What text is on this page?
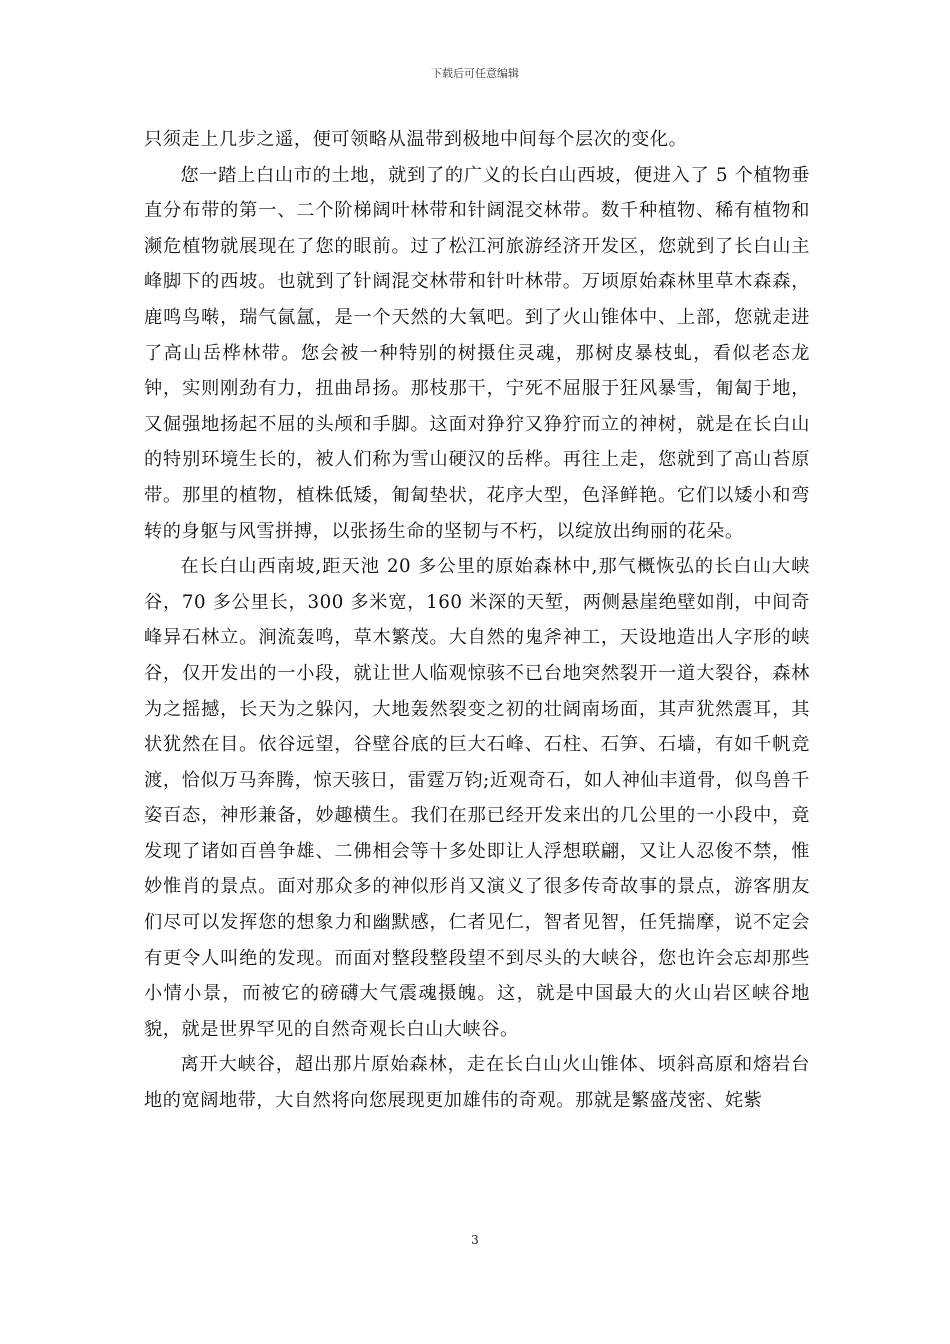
下载后可任意编辑

只须走上几步之遥，便可领略从温带到极地中间每个层次的变化。

您一踏上白山市的土地，就到了的广义的长白山西坡，便进入了 5 个植物垂直分布带的第一、二个阶梯阔叶林带和针阔混交林带。数千种植物、稀有植物和濒危植物就展现在了您的眼前。过了松江河旅游经济开发区，您就到了长白山主峰脚下的西坡。也就到了针阔混交林带和针叶林带。万顷原始森林里草木森森，鹿鸣鸟啭，瑞气氤氲，是一个天然的大氧吧。到了火山锥体中、上部，您就走进了高山岳桦林带。您会被一种特别的树摄住灵魂，那树皮暴枝虬，看似老态龙钟，实则刚劲有力，扭曲昂扬。那枝那干，宁死不屈服于狂风暴雪，匍匐于地，又倔强地扬起不屈的头颅和手脚。这面对狰狞又狰狞而立的神树，就是在长白山的特别环境生长的，被人们称为雪山硬汉的岳桦。再往上走，您就到了高山苔原带。那里的植物，植株低矮，匍匐垫状，花序大型，色泽鲜艳。它们以矮小和弯转的身躯与风雪拼搏，以张扬生命的坚韧与不朽，以绽放出绚丽的花朵。

在长白山西南坡,距天池 20 多公里的原始森林中,那气概恢弘的长白山大峡谷，70 多公里长，300 多米宽，160 米深的天堑，两侧悬崖绝壁如削，中间奇峰异石林立。涧流轰鸣，草木繁茂。大自然的鬼斧神工，天设地造出人字形的峡谷，仅开发出的一小段，就让世人临观惊骇不已台地突然裂开一道大裂谷，森林为之摇撼，长天为之躲闪，大地轰然裂变之初的壮阔南场面，其声犹然震耳，其状犹然在目。依谷远望，谷壁谷底的巨大石峰、石柱、石笋、石墙，有如千帆竞渡，恰似万马奔腾，惊天骇日，雷霆万钧;近观奇石，如人神仙丰道骨，似鸟兽千姿百态，神形兼备，妙趣横生。我们在那已经开发来出的几公里的一小段中，竟发现了诸如百兽争雄、二佛相会等十多处即让人浮想联翩，又让人忍俊不禁，惟妙惟肖的景点。面对那众多的神似形肖又演义了很多传奇故事的景点，游客朋友们尽可以发挥您的想象力和幽默感，仁者见仁，智者见智，任凭揣摩，说不定会有更令人叫绝的发现。而面对整段整段望不到尽头的大峡谷，您也许会忘却那些小情小景，而被它的磅礴大气震魂摄魄。这，就是中国最大的火山岩区峡谷地貌，就是世界罕见的自然奇观长白山大峡谷。

离开大峡谷，超出那片原始森林，走在长白山火山锥体、顷斜高原和熔岩台地的宽阔地带，大自然将向您展现更加雄伟的奇观。那就是繁盛茂密、姹紫

3
